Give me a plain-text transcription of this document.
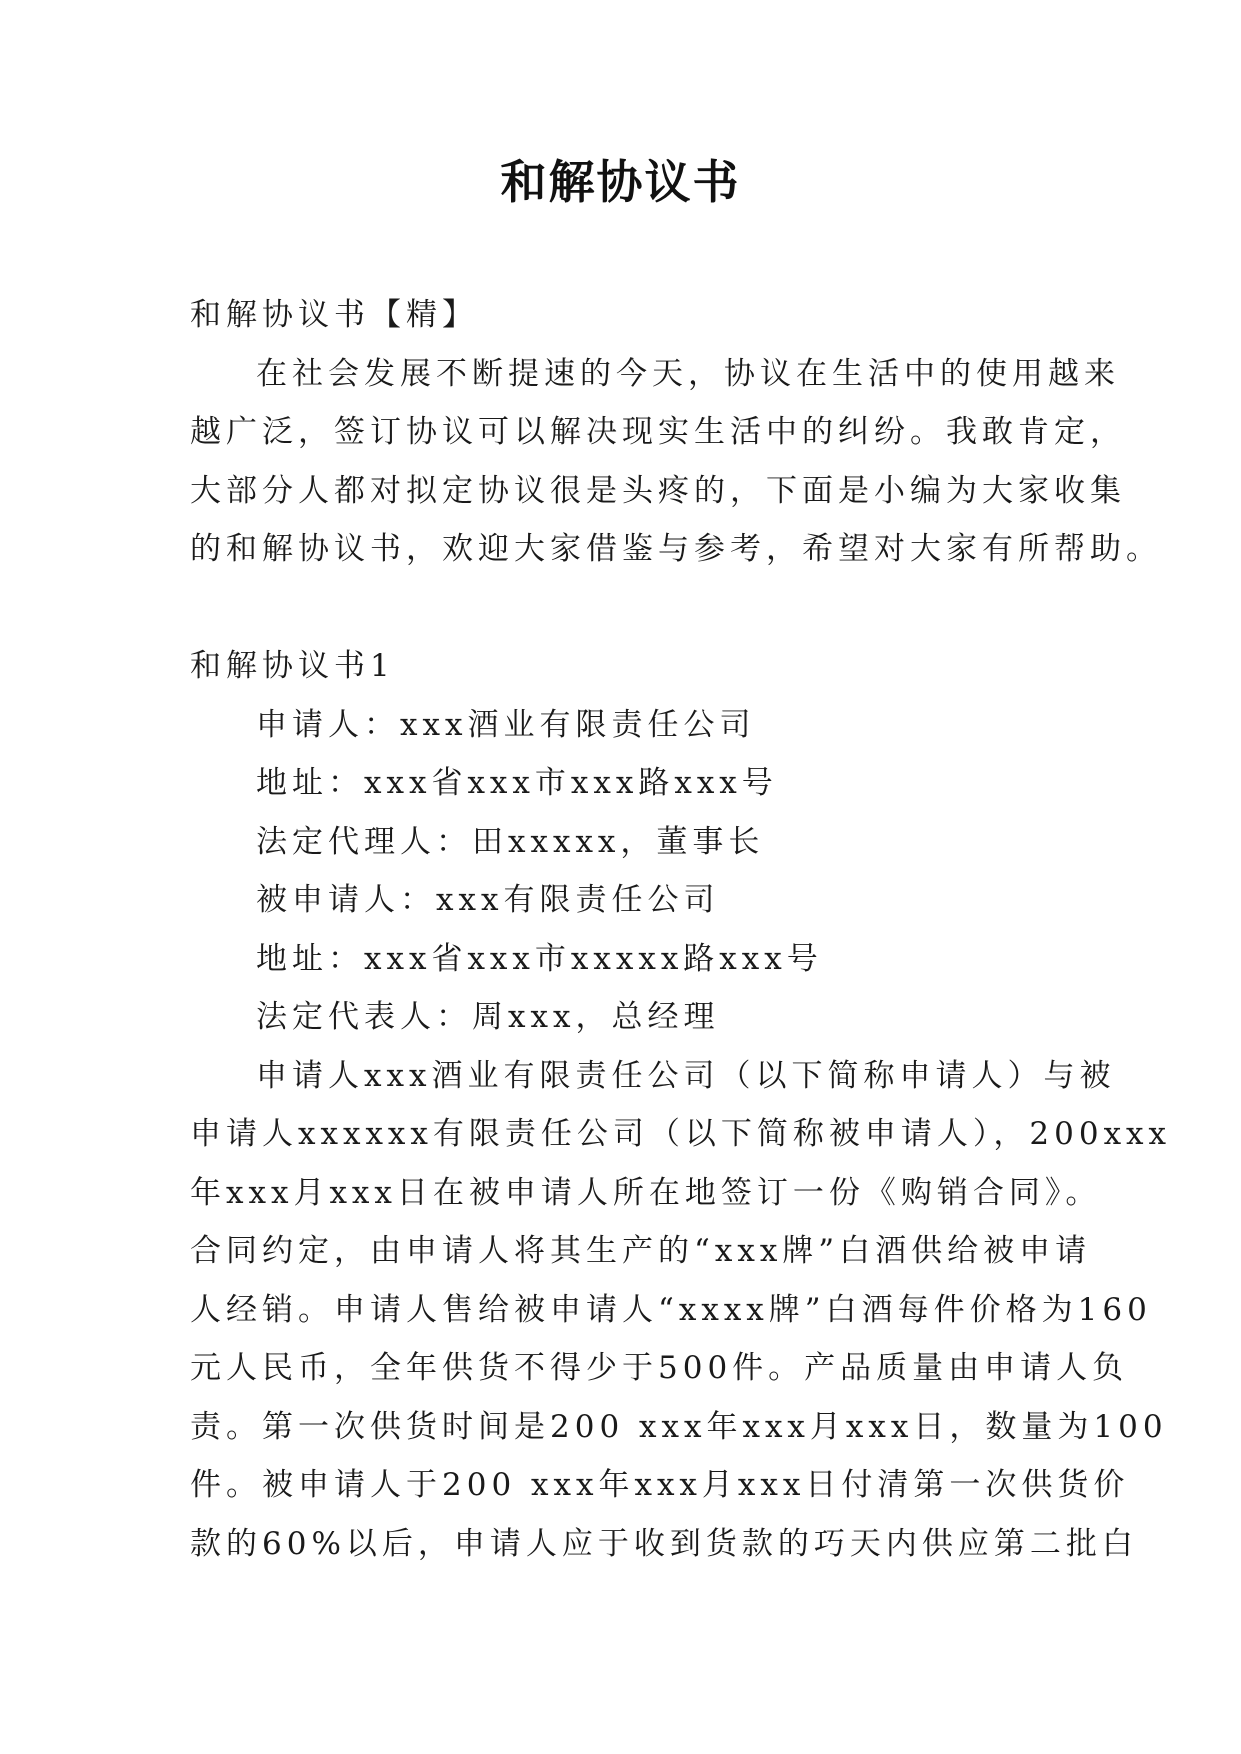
和解协议书
和解协议书【精】
在社会发展不断提速的今天，协议在生活中的使用越来
越广泛，签订协议可以解决现实生活中的纠纷。我敢肯定，
大部分人都对拟定协议很是头疼的，下面是小编为大家收集
的和解协议书，欢迎大家借鉴与参考，希望对大家有所帮助。
和解协议书1
申请人：xxx酒业有限责任公司
地址：xxx省xxx市xxx路xxx号
法定代理人：田xxxxx，董事长
被申请人：xxx有限责任公司
地址：xxx省xxx市xxxxx路xxx号
法定代表人：周xxx，总经理
申请人xxx酒业有限责任公司（以下简称申请人）与被
申请人xxxxxx有限责任公司（以下简称被申请人），200xxx
年xxx月xxx日在被申请人所在地签订一份《购销合同》。
合同约定，由申请人将其生产的“xxx牌”白酒供给被申请
人经销。申请人售给被申请人“xxxx牌”白酒每件价格为160
元人民币，全年供货不得少于500件。产品质量由申请人负
责。第一次供货时间是200 xxx年xxx月xxx日，数量为100
件。被申请人于200 xxx年xxx月xxx日付清第一次供货价
款的60%以后，申请人应于收到货款的巧天内供应第二批白
